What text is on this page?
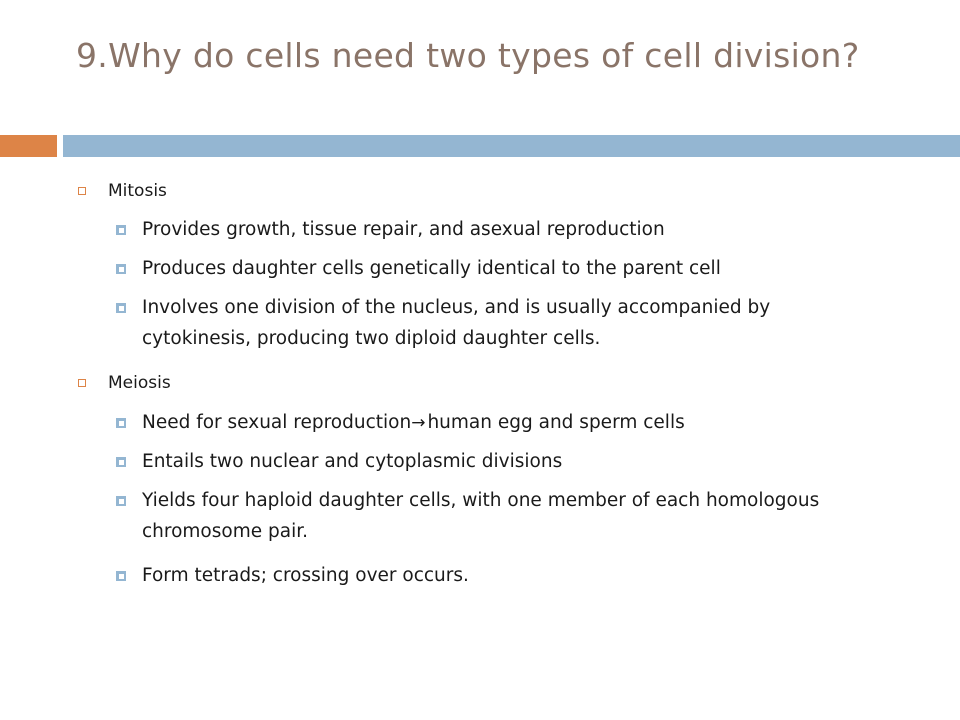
9.Why do cells need two types of cell division?
Mitosis
Provides growth, tissue repair, and asexual reproduction
Produces daughter cells genetically identical to the parent cell
Involves one division of the nucleus, and is usually accompanied by cytokinesis, producing two diploid daughter cells.
Meiosis
Need for sexual reproduction→ human egg and sperm cells
Entails two nuclear and cytoplasmic divisions
Yields four haploid daughter cells, with one member of each homologous chromosome pair.
Form tetrads; crossing over occurs.
